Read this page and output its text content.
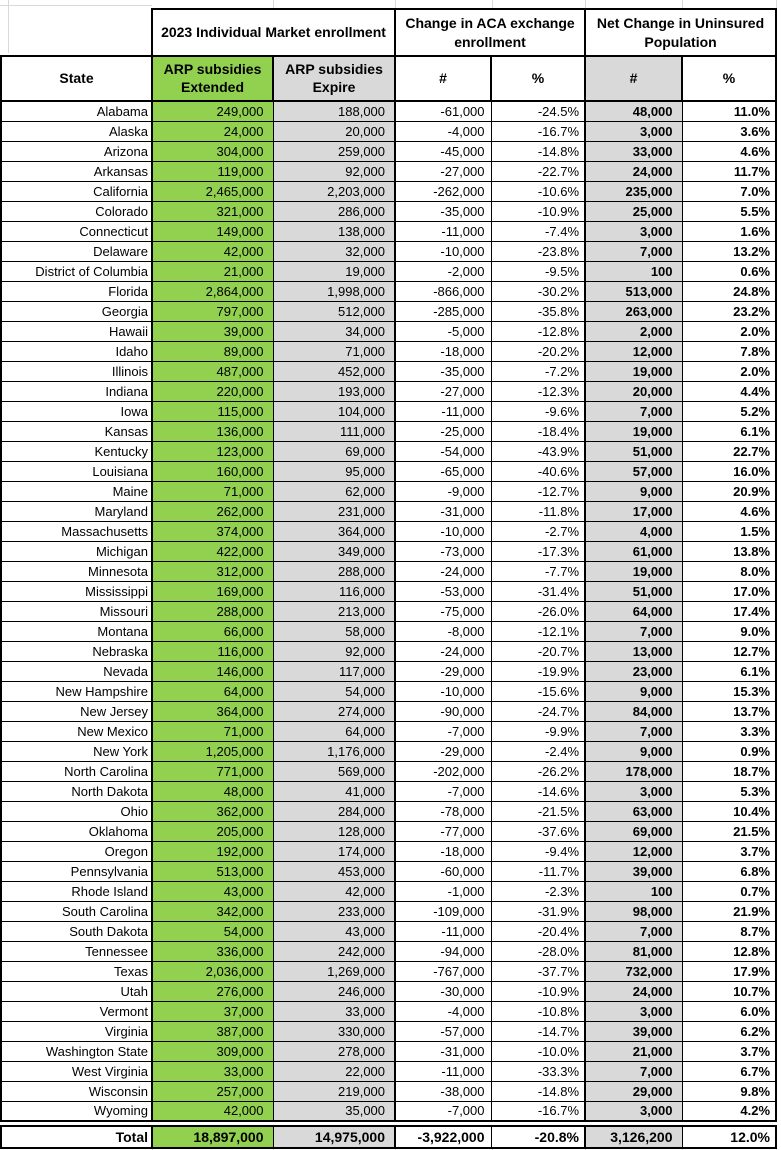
	2023 Individual Market enrollment		Change in ACA exchange enrollment		Net Change in Uninsured Population	
State	ARP subsidies Extended	ARP subsidies Expire	#	%	#	%
Alabama	249,000	188,000	-61,000	-24.5%	48,000	11.0%
Alaska	24,000	20,000	-4,000	-16.7%	3,000	3.6%
Arizona	304,000	259,000	-45,000	-14.8%	33,000	4.6%
Arkansas	119,000	92,000	-27,000	-22.7%	24,000	11.7%
California	2,465,000	2,203,000	-262,000	-10.6%	235,000	7.0%
Colorado	321,000	286,000	-35,000	-10.9%	25,000	5.5%
Connecticut	149,000	138,000	-11,000	-7.4%	3,000	1.6%
Delaware	42,000	32,000	-10,000	-23.8%	7,000	13.2%
District of Columbia	21,000	19,000	-2,000	-9.5%	100	0.6%
Florida	2,864,000	1,998,000	-866,000	-30.2%	513,000	24.8%
Georgia	797,000	512,000	-285,000	-35.8%	263,000	23.2%
Hawaii	39,000	34,000	-5,000	-12.8%	2,000	2.0%
Idaho	89,000	71,000	-18,000	-20.2%	12,000	7.8%
Illinois	487,000	452,000	-35,000	-7.2%	19,000	2.0%
Indiana	220,000	193,000	-27,000	-12.3%	20,000	4.4%
Iowa	115,000	104,000	-11,000	-9.6%	7,000	5.2%
Kansas	136,000	111,000	-25,000	-18.4%	19,000	6.1%
Kentucky	123,000	69,000	-54,000	-43.9%	51,000	22.7%
Louisiana	160,000	95,000	-65,000	-40.6%	57,000	16.0%
Maine	71,000	62,000	-9,000	-12.7%	9,000	20.9%
Maryland	262,000	231,000	-31,000	-11.8%	17,000	4.6%
Massachusetts	374,000	364,000	-10,000	-2.7%	4,000	1.5%
Michigan	422,000	349,000	-73,000	-17.3%	61,000	13.8%
Minnesota	312,000	288,000	-24,000	-7.7%	19,000	8.0%
Mississippi	169,000	116,000	-53,000	-31.4%	51,000	17.0%
Missouri	288,000	213,000	-75,000	-26.0%	64,000	17.4%
Montana	66,000	58,000	-8,000	-12.1%	7,000	9.0%
Nebraska	116,000	92,000	-24,000	-20.7%	13,000	12.7%
Nevada	146,000	117,000	-29,000	-19.9%	23,000	6.1%
New Hampshire	64,000	54,000	-10,000	-15.6%	9,000	15.3%
New Jersey	364,000	274,000	-90,000	-24.7%	84,000	13.7%
New Mexico	71,000	64,000	-7,000	-9.9%	7,000	3.3%
New York	1,205,000	1,176,000	-29,000	-2.4%	9,000	0.9%
North Carolina	771,000	569,000	-202,000	-26.2%	178,000	18.7%
North Dakota	48,000	41,000	-7,000	-14.6%	3,000	5.3%
Ohio	362,000	284,000	-78,000	-21.5%	63,000	10.4%
Oklahoma	205,000	128,000	-77,000	-37.6%	69,000	21.5%
Oregon	192,000	174,000	-18,000	-9.4%	12,000	3.7%
Pennsylvania	513,000	453,000	-60,000	-11.7%	39,000	6.8%
Rhode Island	43,000	42,000	-1,000	-2.3%	100	0.7%
South Carolina	342,000	233,000	-109,000	-31.9%	98,000	21.9%
South Dakota	54,000	43,000	-11,000	-20.4%	7,000	8.7%
Tennessee	336,000	242,000	-94,000	-28.0%	81,000	12.8%
Texas	2,036,000	1,269,000	-767,000	-37.7%	732,000	17.9%
Utah	276,000	246,000	-30,000	-10.9%	24,000	10.7%
Vermont	37,000	33,000	-4,000	-10.8%	3,000	6.0%
Virginia	387,000	330,000	-57,000	-14.7%	39,000	6.2%
Washington State	309,000	278,000	-31,000	-10.0%	21,000	3.7%
West Virginia	33,000	22,000	-11,000	-33.3%	7,000	6.7%
Wisconsin	257,000	219,000	-38,000	-14.8%	29,000	9.8%
Wyoming	42,000	35,000	-7,000	-16.7%	3,000	4.2%
Total	18,897,000	14,975,000	-3,922,000	-20.8%	3,126,200	12.0%
